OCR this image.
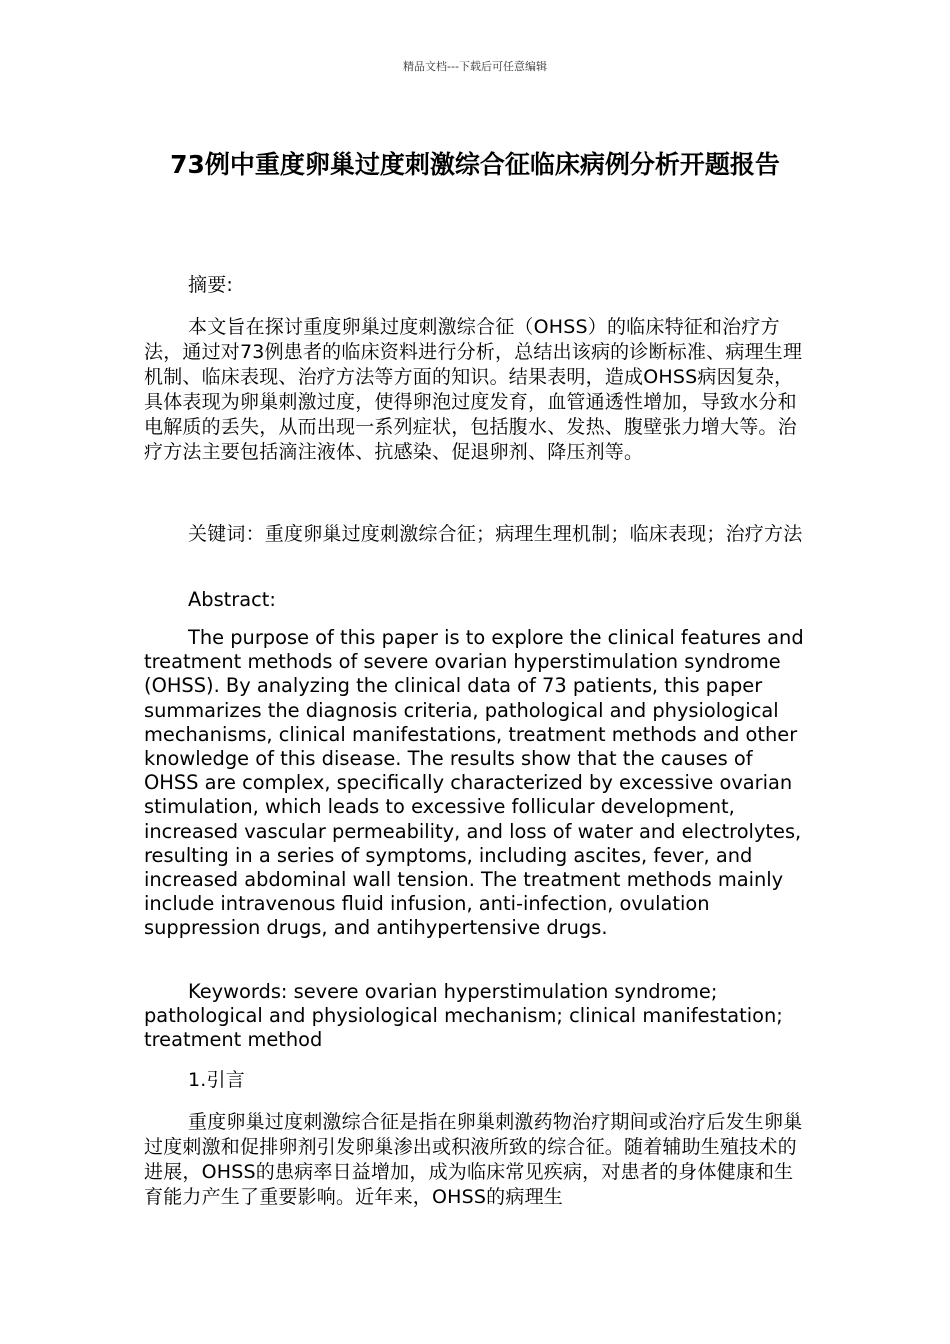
精品文档---下载后可任意编辑
73例中重度卵巢过度刺激综合征临床病例分析开题报告

摘要:

本文旨在探讨重度卵巢过度刺激综合征（OHSS）的临床特征和治疗方法，通过对73例患者的临床资料进行分析，总结出该病的诊断标准、病理生理机制、临床表现、治疗方法等方面的知识。结果表明，造成OHSS病因复杂，具体表现为卵巢刺激过度，使得卵泡过度发育，血管通透性增加，导致水分和电解质的丢失，从而出现一系列症状，包括腹水、发热、腹壁张力增大等。治疗方法主要包括滴注液体、抗感染、促退卵剂、降压剂等。

关键词：重度卵巢过度刺激综合征；病理生理机制；临床表现；治疗方法

Abstract:

The purpose of this paper is to explore the clinical features and treatment methods of severe ovarian hyperstimulation syndrome (OHSS). By analyzing the clinical data of 73 patients, this paper summarizes the diagnosis criteria, pathological and physiological mechanisms, clinical manifestations, treatment methods and other knowledge of this disease. The results show that the causes of OHSS are complex, specifically characterized by excessive ovarian stimulation, which leads to excessive follicular development, increased vascular permeability, and loss of water and electrolytes, resulting in a series of symptoms, including ascites, fever, and increased abdominal wall tension. The treatment methods mainly include intravenous fluid infusion, anti-infection, ovulation suppression drugs, and antihypertensive drugs.

Keywords: severe ovarian hyperstimulation syndrome; pathological and physiological mechanism; clinical manifestation; treatment method

1.引言

重度卵巢过度刺激综合征是指在卵巢刺激药物治疗期间或治疗后发生卵巢过度刺激和促排卵剂引发卵巢渗出或积液所致的综合征。随着辅助生殖技术的进展，OHSS的患病率日益增加，成为临床常见疾病，对患者的身体健康和生育能力产生了重要影响。近年来，OHSS的病理生
